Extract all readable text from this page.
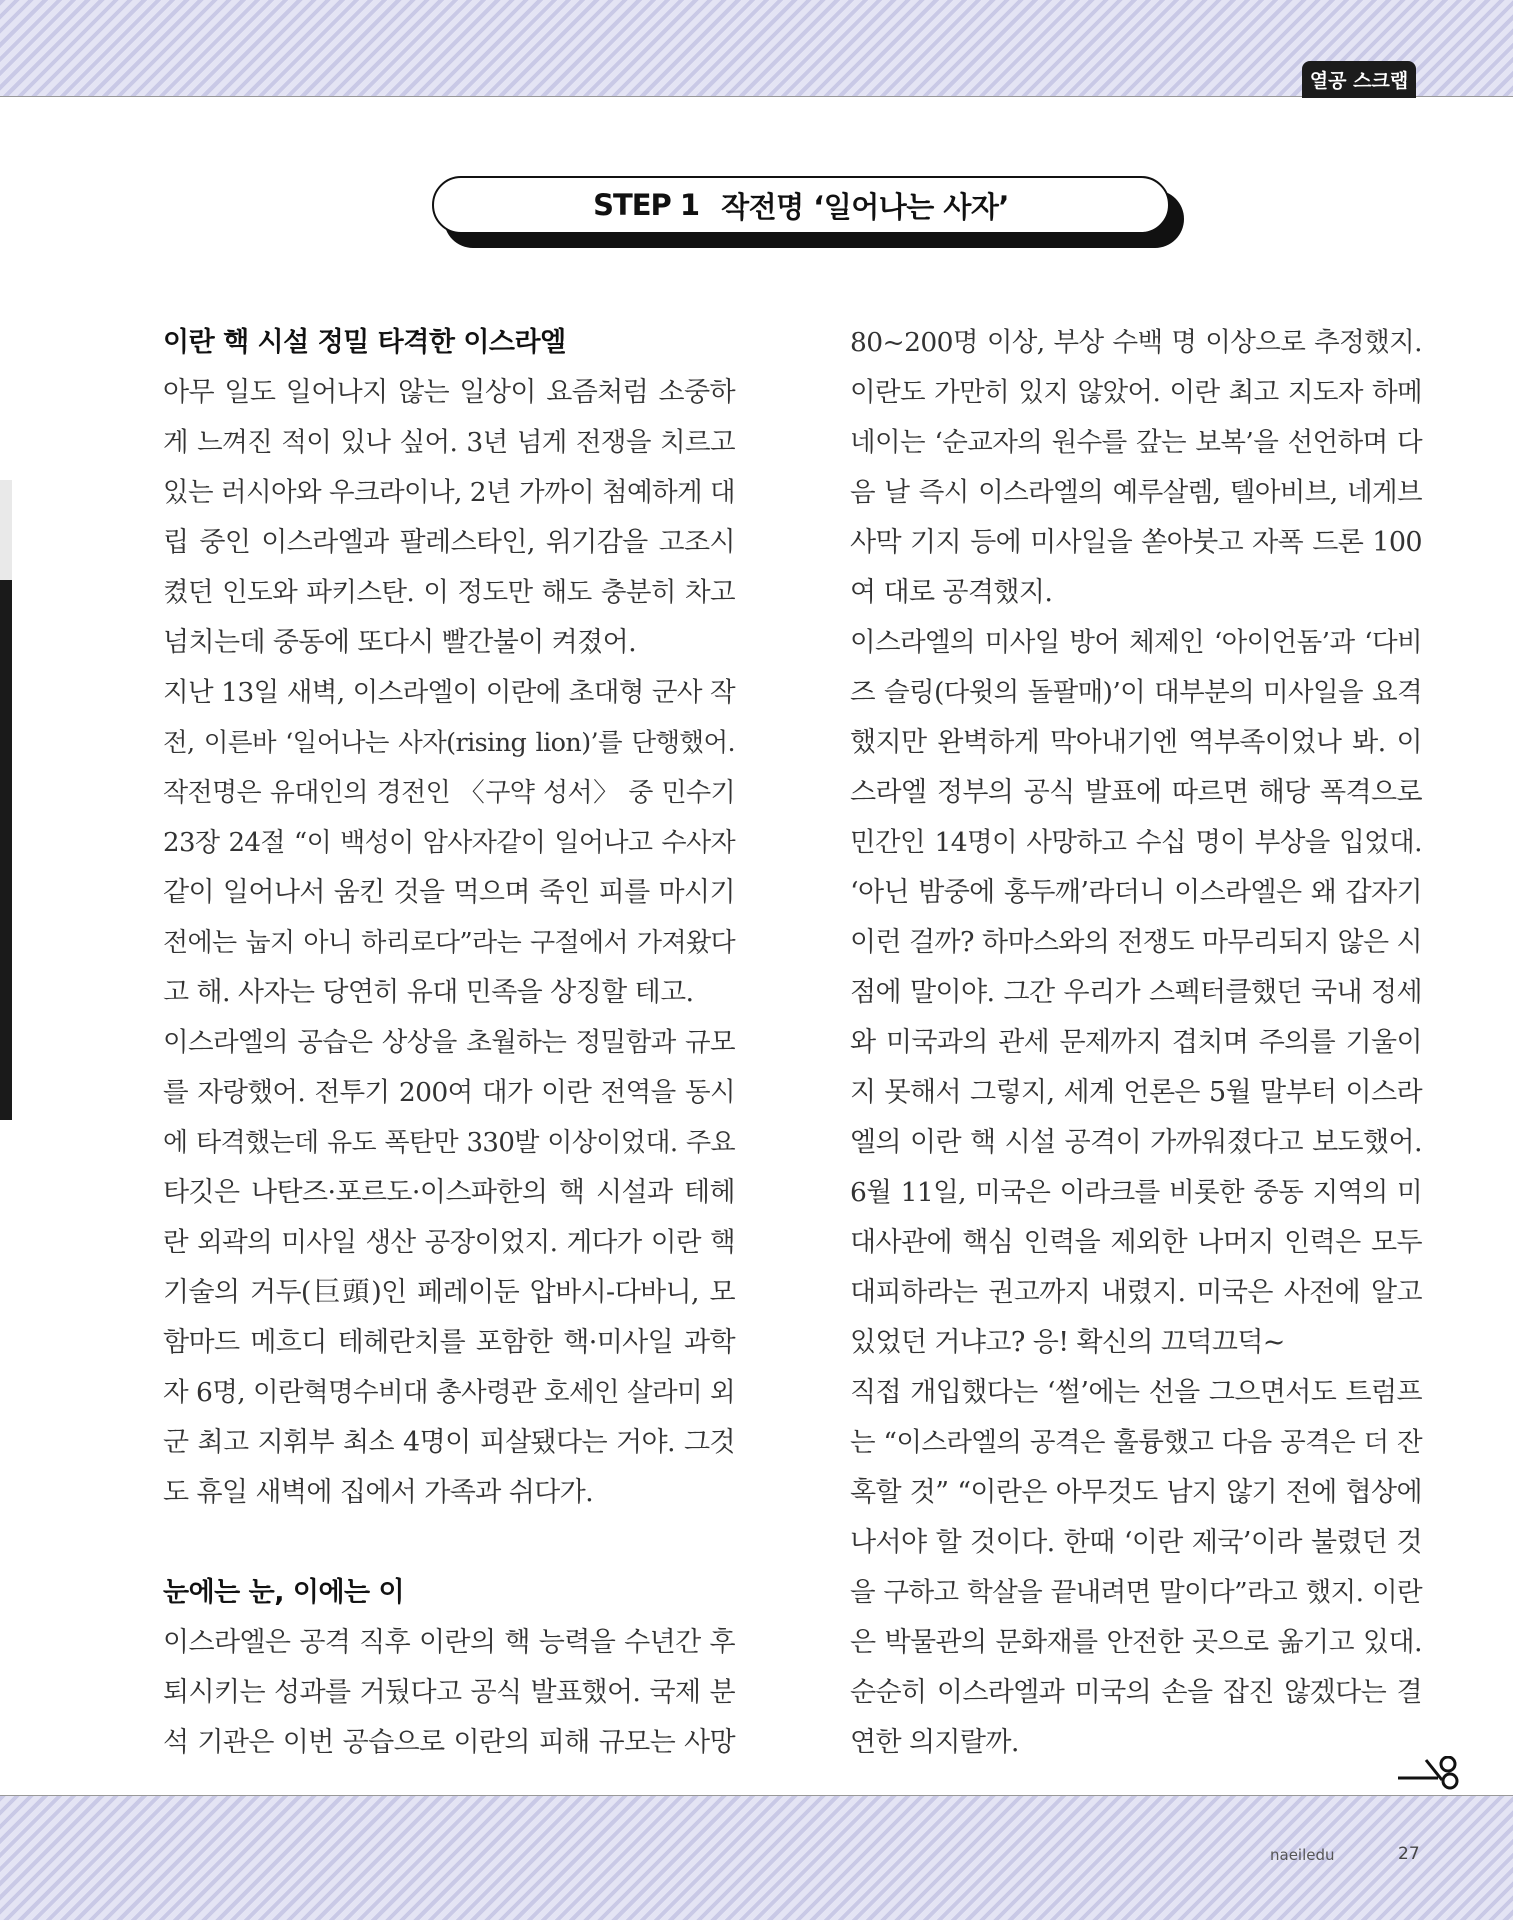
열공 스크랩
STEP 1 작전명 ‘일어나는 사자’
이란 핵 시설 정밀 타격한 이스라엘
아무 일도 일어나지 않는 일상이 요즘처럼 소중하
게 느껴진 적이 있나 싶어. 3년 넘게 전쟁을 치르고
있는 러시아와 우크라이나, 2년 가까이 첨예하게 대
립 중인 이스라엘과 팔레스타인, 위기감을 고조시
켰던 인도와 파키스탄. 이 정도만 해도 충분히 차고
넘치는데 중동에 또다시 빨간불이 켜졌어.
지난 13일 새벽, 이스라엘이 이란에 초대형 군사 작
전, 이른바 ‘일어나는 사자(rising lion)’를 단행했어.
작전명은 유대인의 경전인 〈구약 성서〉 중 민수기
23장 24절 “이 백성이 암사자같이 일어나고 수사자
같이 일어나서 움킨 것을 먹으며 죽인 피를 마시기
전에는 눕지 아니 하리로다”라는 구절에서 가져왔다
고 해. 사자는 당연히 유대 민족을 상징할 테고.
이스라엘의 공습은 상상을 초월하는 정밀함과 규모
를 자랑했어. 전투기 200여 대가 이란 전역을 동시
에 타격했는데 유도 폭탄만 330발 이상이었대. 주요
타깃은 나탄즈·포르도·이스파한의 핵 시설과 테헤
란 외곽의 미사일 생산 공장이었지. 게다가 이란 핵
기술의 거두(巨頭)인 페레이둔 압바시-다바니, 모
함마드 메흐디 테헤란치를 포함한 핵·미사일 과학
자 6명, 이란혁명수비대 총사령관 호세인 살라미 외
군 최고 지휘부 최소 4명이 피살됐다는 거야. 그것
도 휴일 새벽에 집에서 가족과 쉬다가.
눈에는 눈, 이에는 이
이스라엘은 공격 직후 이란의 핵 능력을 수년간 후
퇴시키는 성과를 거뒀다고 공식 발표했어. 국제 분
석 기관은 이번 공습으로 이란의 피해 규모는 사망
80~200명 이상, 부상 수백 명 이상으로 추정했지.
이란도 가만히 있지 않았어. 이란 최고 지도자 하메
네이는 ‘순교자의 원수를 갚는 보복’을 선언하며 다
음 날 즉시 이스라엘의 예루살렘, 텔아비브, 네게브
사막 기지 등에 미사일을 쏟아붓고 자폭 드론 100
여 대로 공격했지.
이스라엘의 미사일 방어 체제인 ‘아이언돔’과 ‘다비
즈 슬링(다윗의 돌팔매)’이 대부분의 미사일을 요격
했지만 완벽하게 막아내기엔 역부족이었나 봐. 이
스라엘 정부의 공식 발표에 따르면 해당 폭격으로
민간인 14명이 사망하고 수십 명이 부상을 입었대.
‘아닌 밤중에 홍두깨’라더니 이스라엘은 왜 갑자기
이런 걸까? 하마스와의 전쟁도 마무리되지 않은 시
점에 말이야. 그간 우리가 스펙터클했던 국내 정세
와 미국과의 관세 문제까지 겹치며 주의를 기울이
지 못해서 그렇지, 세계 언론은 5월 말부터 이스라
엘의 이란 핵 시설 공격이 가까워졌다고 보도했어.
6월 11일, 미국은 이라크를 비롯한 중동 지역의 미
대사관에 핵심 인력을 제외한 나머지 인력은 모두
대피하라는 권고까지 내렸지. 미국은 사전에 알고
있었던 거냐고? 응! 확신의 끄덕끄덕~
직접 개입했다는 ‘썰’에는 선을 그으면서도 트럼프
는 “이스라엘의 공격은 훌륭했고 다음 공격은 더 잔
혹할 것” “이란은 아무것도 남지 않기 전에 협상에
나서야 할 것이다. 한때 ‘이란 제국’이라 불렸던 것
을 구하고 학살을 끝내려면 말이다”라고 했지. 이란
은 박물관의 문화재를 안전한 곳으로 옮기고 있대.
순순히 이스라엘과 미국의 손을 잡진 않겠다는 결
연한 의지랄까.
naeiledu	27
